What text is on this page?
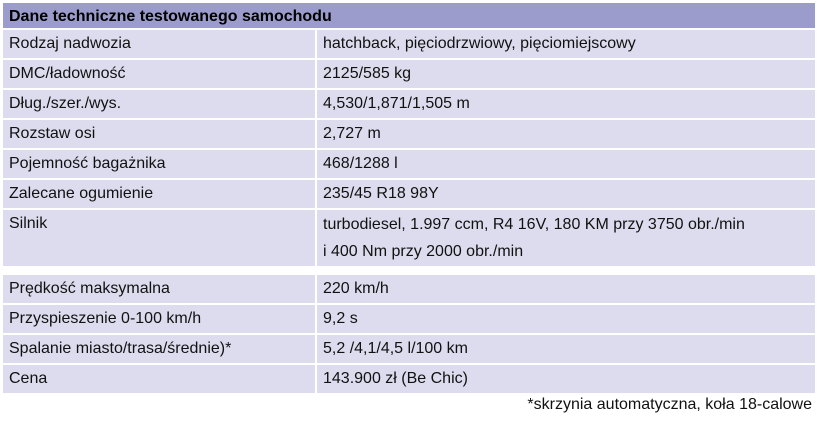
Dane techniczne testowanego samochodu
Rodzaj nadwozia	hatchback, pięciodrzwiowy, pięciomiejscowy
DMC/ładowność	2125/585 kg
Dług./szer./wys.	4,530/1,871/1,505 m
Rozstaw osi	2,727 m
Pojemność bagażnika	468/1288 l
Zalecane ogumienie	235/45 R18 98Y
Silnik	turbodiesel, 1.997 ccm, R4 16V, 180 KM przy 3750 obr./min
i 400 Nm przy 2000 obr./min
Prędkość maksymalna	220 km/h
Przyspieszenie 0-100 km/h	9,2 s
Spalanie miasto/trasa/średnie)*	5,2 /4,1/4,5 l/100 km
Cena	143.900 zł (Be Chic)
*skrzynia automatyczna, koła 18-calowe
